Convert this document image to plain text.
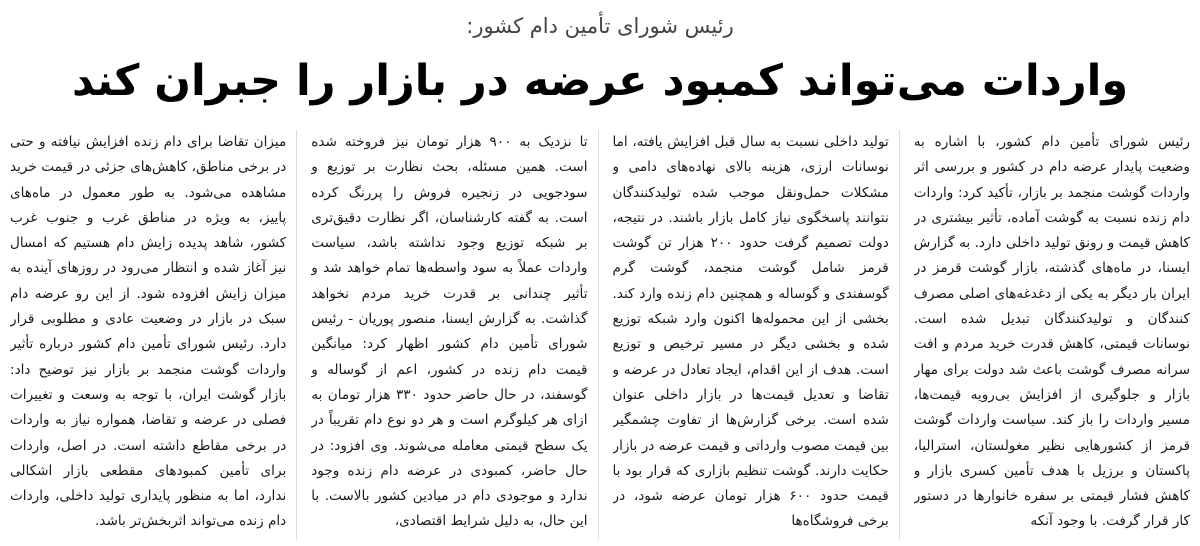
رئیس شورای تأمین دام کشور:
واردات می‌تواند کمبود عرضه در بازار را جبران کند
رئیس شورای تأمین دام کشور، با اشاره به وضعیت پایدار عرضه دام در کشور و بررسی اثر واردات گوشت منجمد بر بازار، تأکید کرد: واردات دام زنده نسبت به گوشت آماده، تأثیر بیشتری در کاهش قیمت و رونق تولید داخلی دارد. به گزارش ایسنا، در ماه‌های گذشته، بازار گوشت قرمز در ایران بار دیگر به یکی از دغدغه‌های اصلی مصرف کنندگان و تولیدکنندگان تبدیل شده است. نوسانات قیمتی، کاهش قدرت خرید مردم و افت سرانه مصرف گوشت باعث شد دولت برای مهار بازار و جلوگیری از افزایش بی‌رویه قیمت‌ها، مسیر واردات را باز کند. سیاست واردات گوشت قرمز از کشورهایی نظیر مغولستان، استرالیا، پاکستان و برزیل با هدف تأمین کسری بازار و کاهش فشار قیمتی بر سفره خانوارها در دستور کار قرار گرفت. با وجود آنکه
تولید داخلی نسبت به سال قبل افزایش یافته، اما نوسانات ارزی، هزینه بالای نهاده‌های دامی و مشکلات حمل‌ونقل موجب شده تولیدکنندگان نتوانند پاسخگوی نیاز کامل بازار باشند. در نتیجه، دولت تصمیم گرفت حدود ۲۰۰ هزار تن گوشت قرمز شامل گوشت منجمد، گوشت گرم گوسفندی و گوساله و همچنین دام زنده وارد کند. بخشی از این محموله‌ها اکنون وارد شبکه توزیع شده و بخشی دیگر در مسیر ترخیص و توزیع است. هدف از این اقدام، ایجاد تعادل در عرضه و تقاضا و تعدیل قیمت‌ها در بازار داخلی عنوان شده است. برخی گزارش‌ها از تفاوت چشمگیر بین قیمت مصوب وارداتی و قیمت عرضه در بازار حکایت دارند. گوشت تنظیم بازاری که قرار بود با قیمت حدود ۶۰۰ هزار تومان عرضه شود، در برخی فروشگاه‌ها
تا نزدیک به ۹۰۰ هزار تومان نیز فروخته شده است. همین مسئله، بحث نظارت بر توزیع و سودجویی در زنجیره فروش را پررنگ کرده است. به گفته کارشناسان، اگر نظارت دقیق‌تری بر شبکه توزیع وجود نداشته باشد، سیاست واردات عملاً به سود واسطه‌ها تمام خواهد شد و تأثیر چندانی بر قدرت خرید مردم نخواهد گذاشت. به گزارش ایسنا، منصور پوریان - رئیس شورای تأمین دام کشور اظهار کرد: میانگین قیمت دام زنده در کشور، اعم از گوساله و گوسفند، در حال حاضر حدود ۳۳۰ هزار تومان به ازای هر کیلوگرم است و هر دو نوع دام تقریباً در یک سطح قیمتی معامله می‌شوند. وی افزود: در حال حاضر، کمبودی در عرضه دام زنده وجود ندارد و موجودی دام در میادین کشور بالاست. با این حال، به دلیل شرایط اقتصادی،
میزان تقاضا برای دام زنده افزایش نیافته و حتی در برخی مناطق، کاهش‌های جزئی در قیمت خرید مشاهده می‌شود. به طور معمول در ماه‌های پاییز، به ویژه در مناطق غرب و جنوب غرب کشور، شاهد پدیده زایش دام هستیم که امسال نیز آغاز شده و انتظار می‌رود در روزهای آینده به میزان زایش افزوده شود. از این رو عرضه دام سبک در بازار در وضعیت عادی و مطلوبی قرار دارد. رئیس شورای تأمین دام کشور درباره تأثیر واردات گوشت منجمد بر بازار نیز توضیح داد: بازار گوشت ایران، با توجه به وسعت و تغییرات فصلی در عرضه و تقاضا، همواره نیاز به واردات در برخی مقاطع داشته است. در اصل، واردات برای تأمین کمبودهای مقطعی بازار اشکالی ندارد، اما به منظور پایداری تولید داخلی، واردات دام زنده می‌تواند اثربخش‌تر باشد.
